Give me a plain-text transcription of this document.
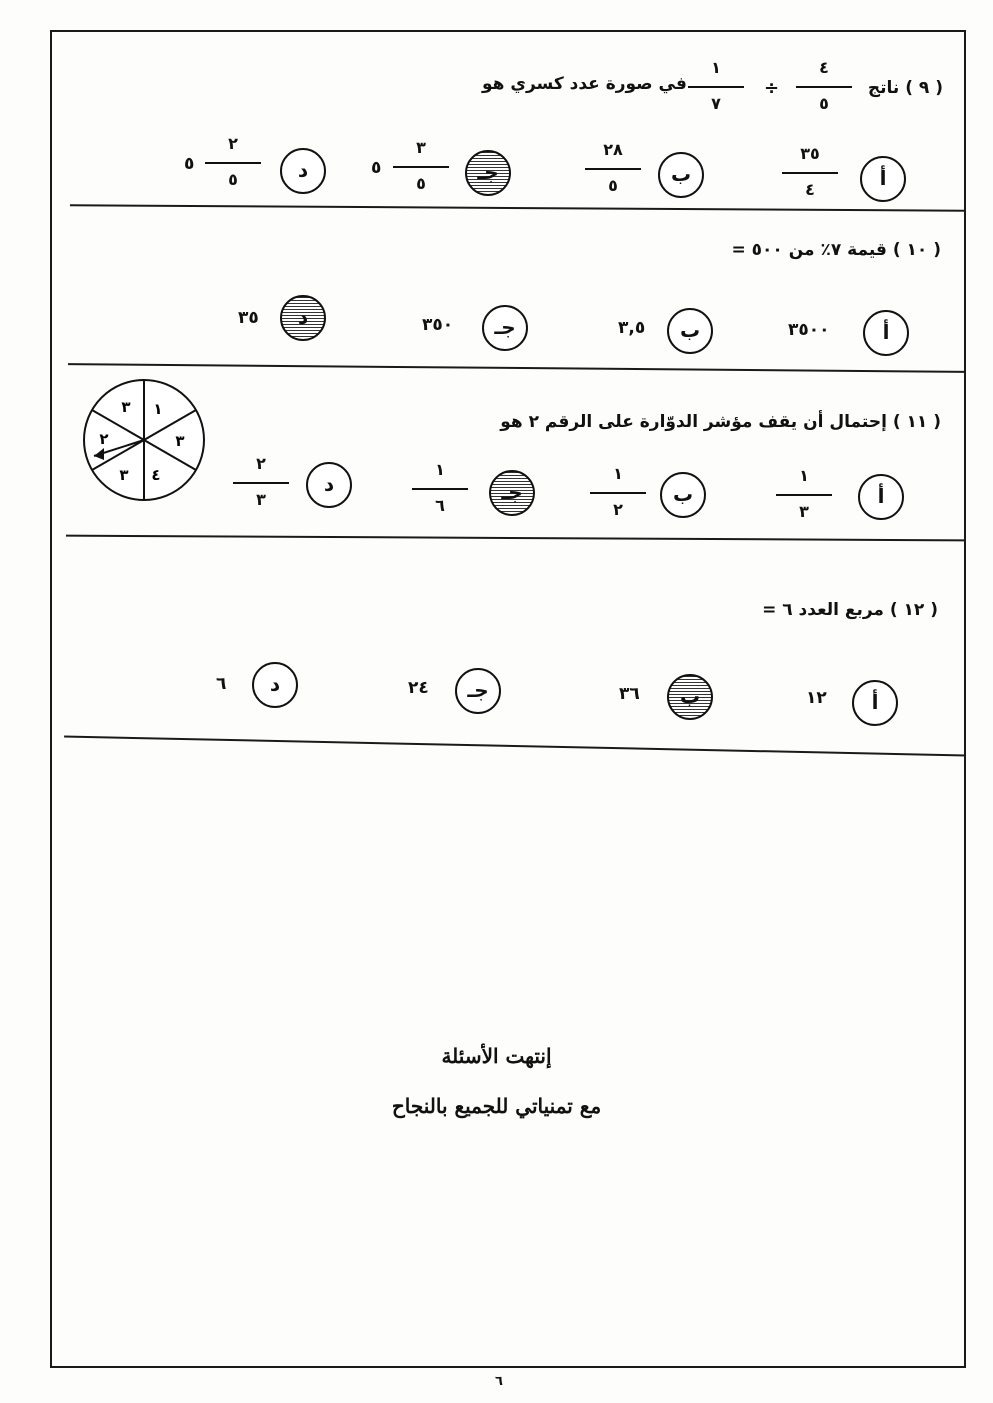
( ٩ ) ناتج
٤
٥
÷
١
٧
في صورة عدد كسري هو
أ
٣٥
٤
ب
٢٨
٥
جـ
٣
٥
٥
د
٢
٥
٥
( ١٠ ) قيمة ٧٪ من ٥٠٠ =
أ
٣٥٠٠
ب
٣,٥
جـ
٣٥٠
د
٣٥
( ١١ ) إحتمال أن يقف مؤشر الدوّارة على الرقم ٢ هو
١
٣
٤
٣
٢
٣
أ
١
٣
ب
١
٢
جـ
١
٦
د
٢
٣
( ١٢ ) مربع العدد ٦ =
أ
١٢
ب
٣٦
جـ
٢٤
د
٦
إنتهت الأسئلة
مع تمنياتي للجميع بالنجاح
٦
